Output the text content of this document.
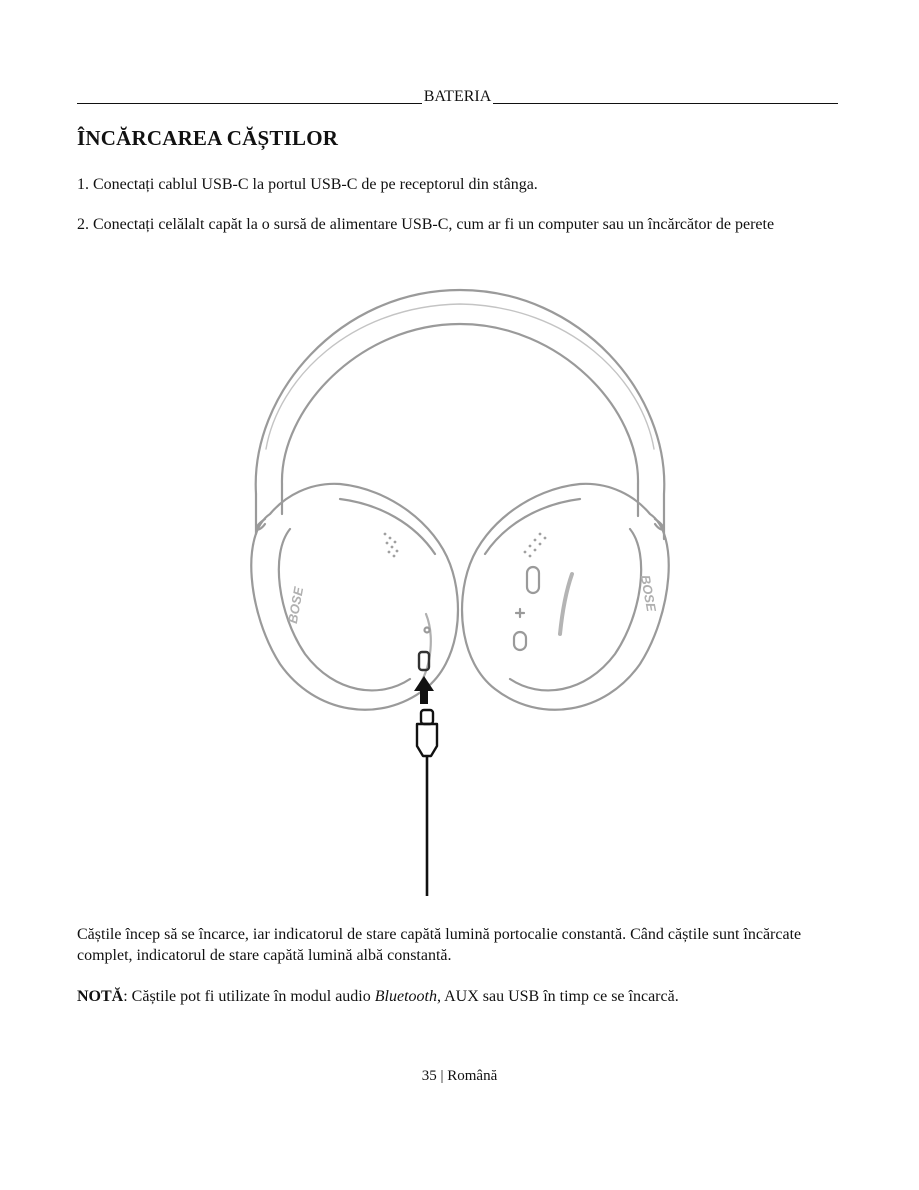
BATERIA
ÎNCĂRCAREA CĂȘTILOR

1. Conectați cablul USB-C la portul USB-C de pe receptorul din stânga.

2. Conectați celălalt capăt la o sursă de alimentare USB-C, cum ar fi un computer sau un încărcător de perete

BOSE	BOSE

Căștile încep să se încarce, iar indicatorul de stare capătă lumină portocalie constantă. Când căștile sunt încărcate complet, indicatorul de stare capătă lumină albă constantă.

NOTĂ: Căștile pot fi utilizate în modul audio Bluetooth, AUX sau USB în timp ce se încarcă.

35 | Română
